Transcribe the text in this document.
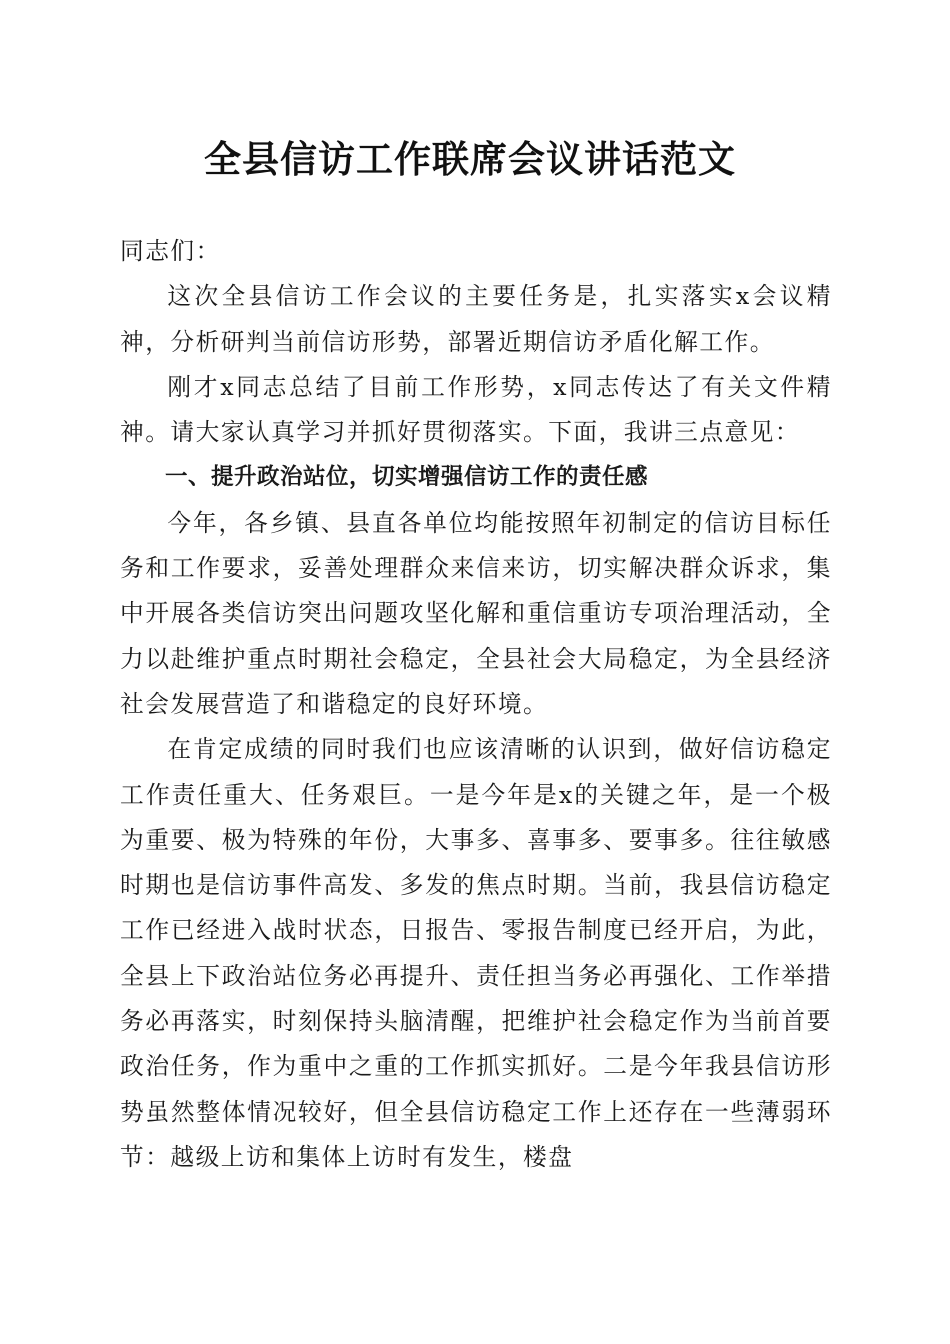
全县信访工作联席会议讲话范文

同志们：

这次全县信访工作会议的主要任务是，扎实落实x会议精神，分析研判当前信访形势，部署近期信访矛盾化解工作。

刚才x同志总结了目前工作形势，x同志传达了有关文件精神。请大家认真学习并抓好贯彻落实。下面，我讲三点意见：

一、提升政治站位，切实增强信访工作的责任感

今年，各乡镇、县直各单位均能按照年初制定的信访目标任务和工作要求，妥善处理群众来信来访，切实解决群众诉求，集中开展各类信访突出问题攻坚化解和重信重访专项治理活动，全力以赴维护重点时期社会稳定，全县社会大局稳定，为全县经济社会发展营造了和谐稳定的良好环境。

在肯定成绩的同时我们也应该清晰的认识到，做好信访稳定工作责任重大、任务艰巨。一是今年是x的关键之年，是一个极为重要、极为特殊的年份，大事多、喜事多、要事多。往往敏感时期也是信访事件高发、多发的焦点时期。当前，我县信访稳定工作已经进入战时状态，日报告、零报告制度已经开启，为此，全县上下政治站位务必再提升、责任担当务必再强化、工作举措务必再落实，时刻保持头脑清醒，把维护社会稳定作为当前首要政治任务，作为重中之重的工作抓实抓好。二是今年我县信访形势虽然整体情况较好，但全县信访稳定工作上还存在一些薄弱环节：越级上访和集体上访时有发生，楼盘
